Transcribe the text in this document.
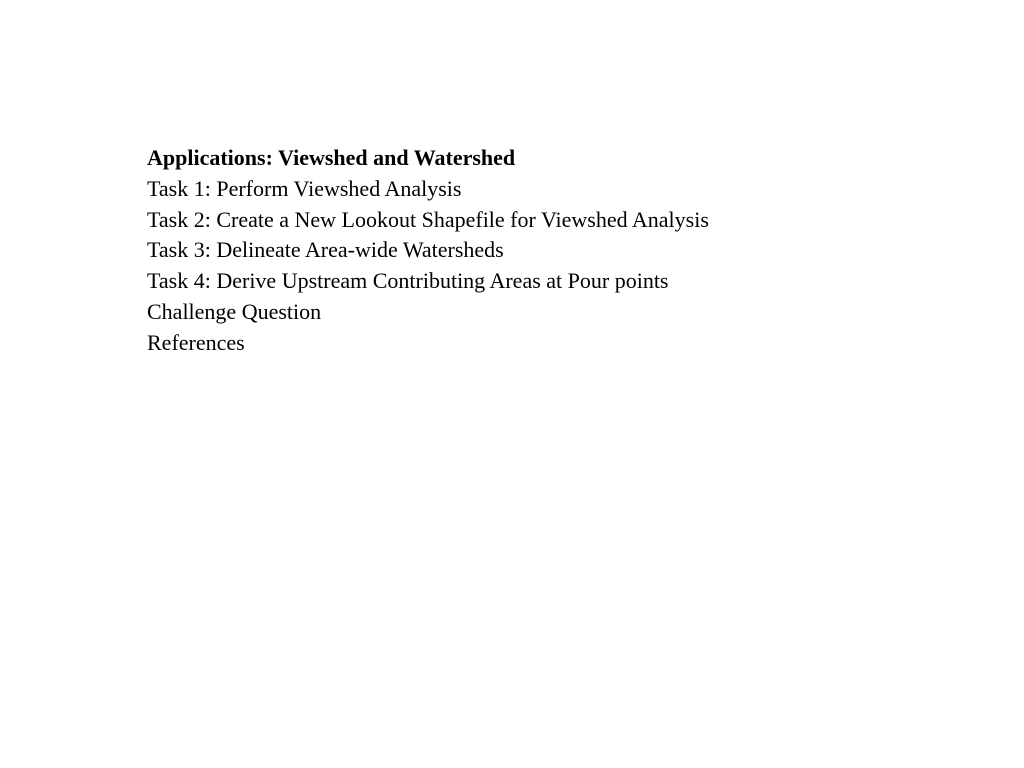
Applications: Viewshed and Watershed
Task 1: Perform Viewshed Analysis
Task 2: Create a New Lookout Shapefile for Viewshed Analysis
Task 3: Delineate Area-wide Watersheds
Task 4: Derive Upstream Contributing Areas at Pour points
Challenge Question
References
